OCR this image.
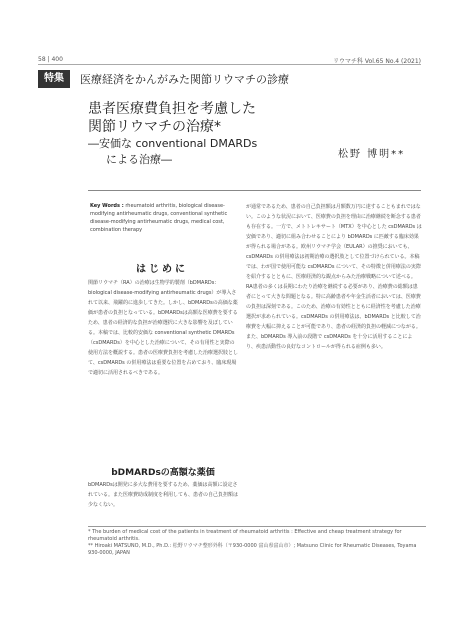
58 | 400	リウマチ科 Vol.65 No.4 (2021)
特集	医療経済をかんがみた関節リウマチの診療
患者医療費負担を考慮した
関節リウマチの治療*
―安価な conventional DMARDs
による治療―	松野 博明**
Key Words : rheumatoid arthritis, biological disease-modifying antirheumatic drugs, conventional synthetic disease-modifying antirheumatic drugs, medical cost, combination therapy
はじめに

関節リウマチ（RA）の治療は生物学的製剤（bDMARDs：biological disease-modifying antirheumatic drugs）が導入されて以来、飛躍的に進歩してきた。しかし、bDMARDsの高価な薬価が患者の負担となっている。bDMARDsは高額な医療費を要するため、患者の経済的な負担が治療選択に大きな影響を及ぼしている。本稿では、比較的安価な conventional synthetic DMARDs（csDMARDs）を中心とした治療について、その有用性と実際の使用方法を概説する。患者の医療費負担を考慮した治療選択肢として、csDMARDs の併用療法は重要な位置を占めており、臨床現場で適切に活用されるべきである。

bDMARDsの高額な薬価

bDMARDsは開発に多大な費用を要するため、薬価は高額に設定されている。また医療費助成制度を利用しても、患者の自己負担額は少なくない。

が通常であるため、患者の自己負担額は月額数万円に達することもまれではない。このような状況において、医療費の負担を理由に治療継続を断念する患者も存在する。一方で、メトトレキサート（MTX）を中心とした csDMARDs は安価であり、適切に組み合わせることにより bDMARDs に匹敵する臨床効果が得られる場合がある。欧州リウマチ学会（EULAR）の推奨においても、csDMARDs の併用療法は初期治療の選択肢として位置づけられている。本稿では、わが国で使用可能な csDMARDs について、その特徴と併用療法の実際を紹介するとともに、医療経済的な観点からみた治療戦略について述べる。RA患者の多くは長期にわたり治療を継続する必要があり、治療費の総額は患者にとって大きな問題となる。特に高齢患者や年金生活者においては、医療費の負担は深刻である。このため、治療の有効性とともに経済性を考慮した治療選択が求められている。csDMARDs の併用療法は、bDMARDs と比較して治療費を大幅に抑えることが可能であり、患者の経済的負担の軽減につながる。また、bDMARDs 導入前の段階で csDMARDs を十分に活用することにより、疾患活動性の良好なコントロールが得られる症例も多い。

* The burden of medical cost of the patients in treatment of rheumatoid arthritis : Effective and cheap treatment strategy for rheumatoid arthritis.
** Hiroaki MATSUNO, M.D., Ph.D.: 松野リウマチ整形外科（〒930-0000 富山県富山市）; Matsuno Clinic for Rheumatic Diseases, Toyama 930-0000, JAPAN
